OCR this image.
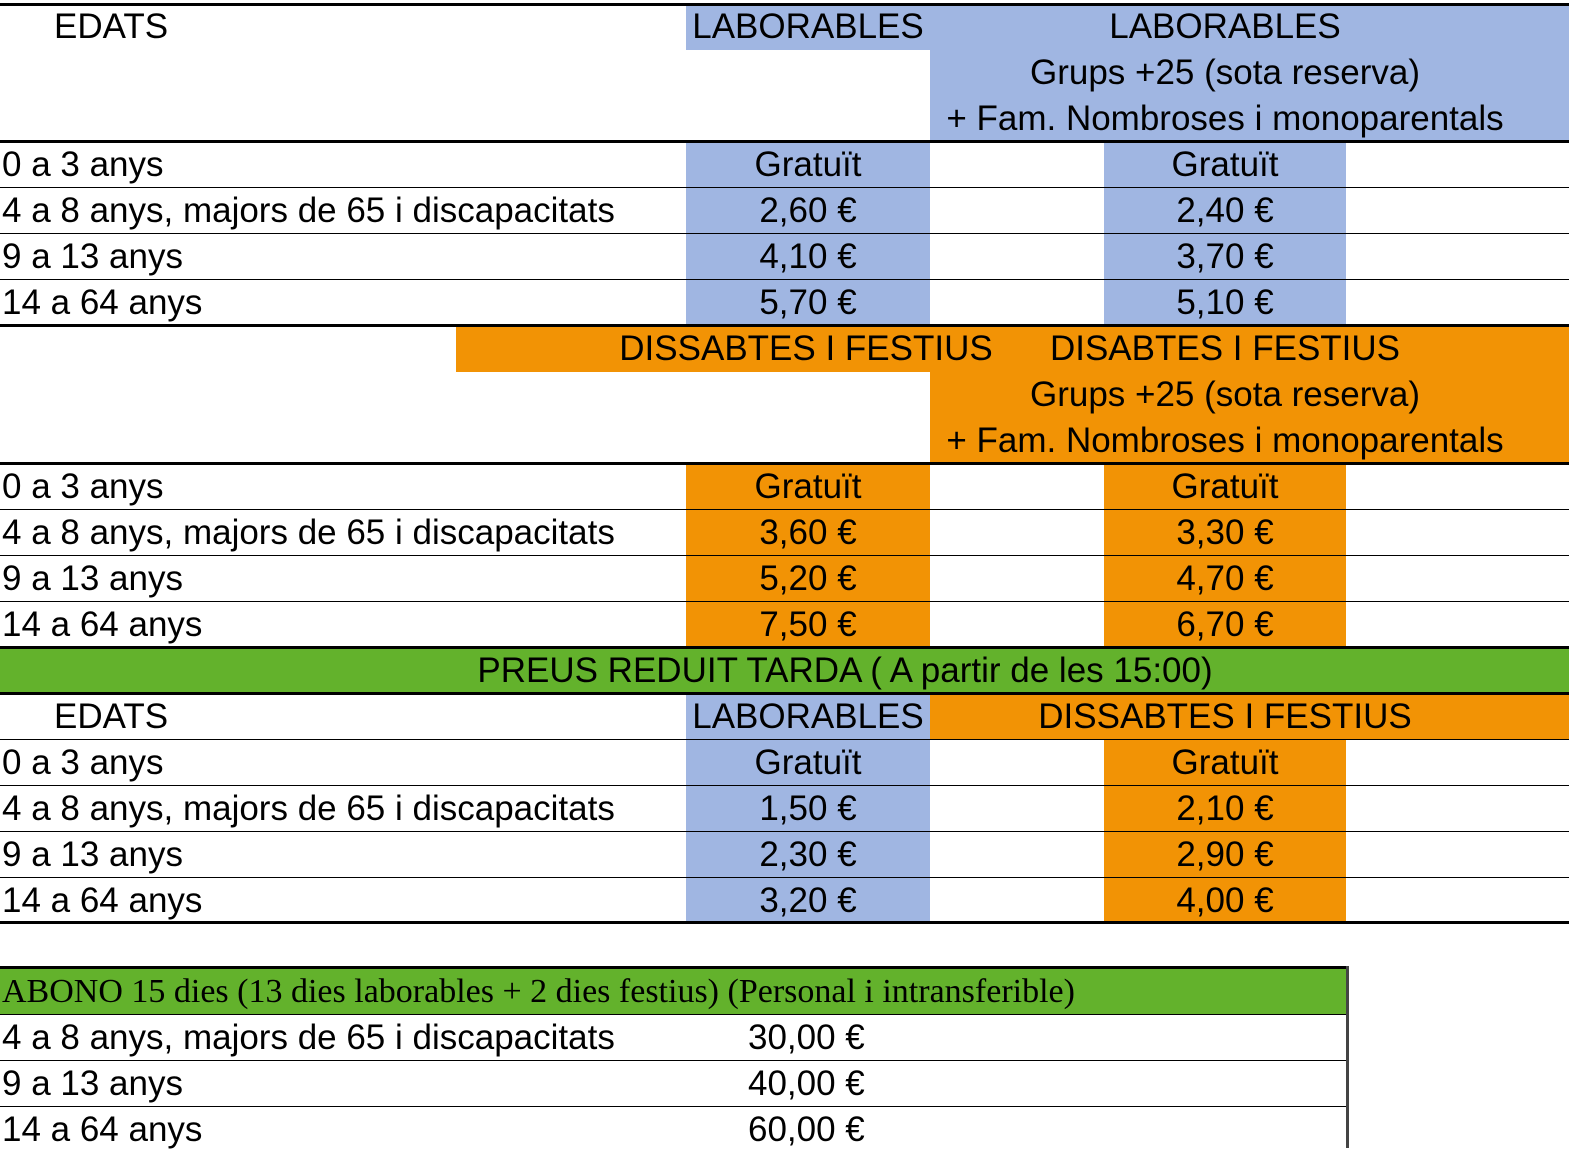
EDATS	LABORABLES	LABORABLES
Grups +25 (sota reserva)
+ Fam. Nombroses i monoparentals
0 a 3 anys	Gratuït	Gratuït
4 a 8 anys, majors de 65 i discapacitats	2,60 €	2,40 €
9 a 13 anys	4,10 €	3,70 €
14 a 64 anys	5,70 €	5,10 €
DISSABTES I FESTIUS	DISABTES I FESTIUS
Grups +25 (sota reserva)
+ Fam. Nombroses i monoparentals
0 a 3 anys	Gratuït	Gratuït
4 a 8 anys, majors de 65 i discapacitats	3,60 €	3,30 €
9 a 13 anys	5,20 €	4,70 €
14 a 64 anys	7,50 €	6,70 €
PREUS REDUIT TARDA ( A partir de les 15:00)
EDATS	LABORABLES	DISSABTES I FESTIUS
0 a 3 anys	Gratuït	Gratuït
4 a 8 anys, majors de 65 i discapacitats	1,50 €	2,10 €
9 a 13 anys	2,30 €	2,90 €
14 a 64 anys	3,20 €	4,00 €
ABONO 15 dies (13 dies laborables + 2 dies festius) (Personal i intransferible)
4 a 8 anys, majors de 65 i discapacitats	30,00 €
9 a 13 anys	40,00 €
14 a 64 anys	60,00 €
